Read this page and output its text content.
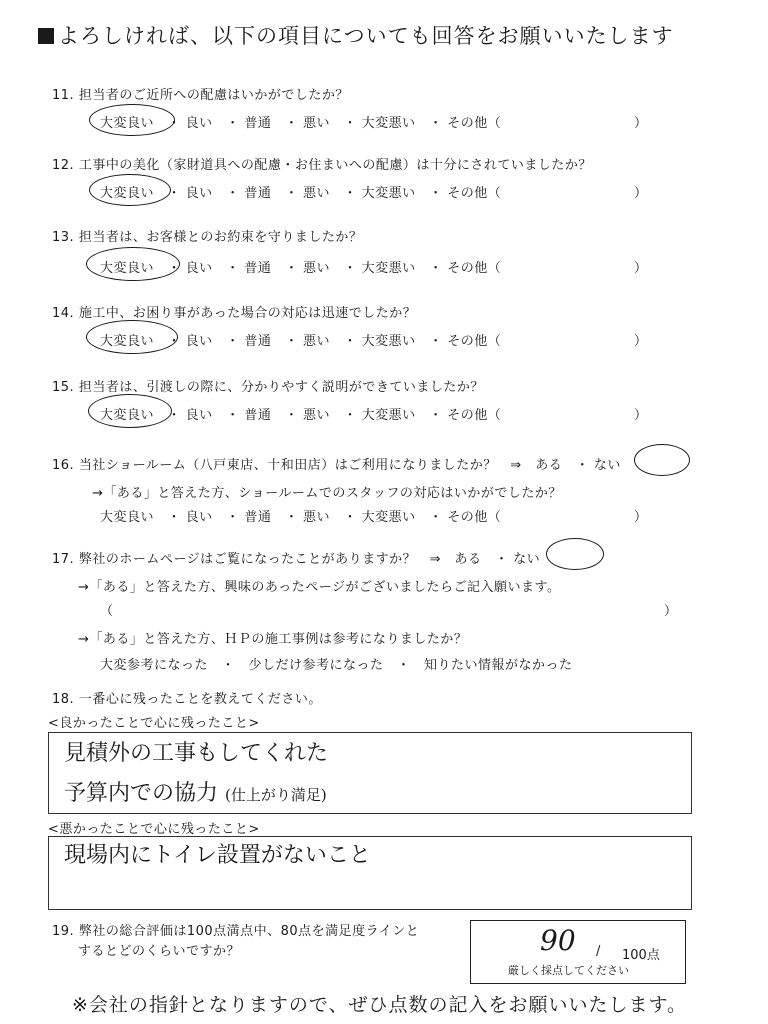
よろしければ、以下の項目についても回答をお願いいたします
11. 担当者のご近所への配慮はいかがでしたか？
大変良い　・ 良い　・ 普通　・ 悪い　・ 大変悪い　・ その他（	）
12. 工事中の美化（家財道具への配慮・お住まいへの配慮）は十分にされていましたか？
大変良い　・ 良い　・ 普通　・ 悪い　・ 大変悪い　・ その他（	）
13. 担当者は、お客様とのお約束を守りましたか？
大変良い　・ 良い　・ 普通　・ 悪い　・ 大変悪い　・ その他（	）
14. 施工中、お困り事があった場合の対応は迅速でしたか？
大変良い　・ 良い　・ 普通　・ 悪い　・ 大変悪い　・ その他（	）
15. 担当者は、引渡しの際に、分かりやすく説明ができていましたか？
大変良い　・ 良い　・ 普通　・ 悪い　・ 大変悪い　・ その他（	）
16. 当社ショールーム（八戸東店、十和田店）はご利用になりましたか？　⇒　ある　・ ない
→「ある」と答えた方、ショールームでのスタッフの対応はいかがでしたか？
大変良い　・ 良い　・ 普通　・ 悪い　・ 大変悪い　・ その他（	）
17. 弊社のホームページはご覧になったことがありますか？　⇒　ある　・ ない
→「ある」と答えた方、興味のあったページがございましたらご記入願います。
（	）
→「ある」と答えた方、ＨＰの施工事例は参考になりましたか？
大変参考になった　・　少しだけ参考になった　・　知りたい情報がなかった
18. 一番心に残ったことを教えてください。
<良かったことで心に残ったこと>
見積外の工事もしてくれた
予算内での協力 (仕上がり満足)
<悪かったことで心に残ったこと>
現場内にトイレ設置がないこと
19. 弊社の総合評価は100点満点中、80点を満足度ラインと
するとどのくらいですか？	90 / 100点
厳しく採点してください
※会社の指針となりますので、ぜひ点数の記入をお願いいたします。
